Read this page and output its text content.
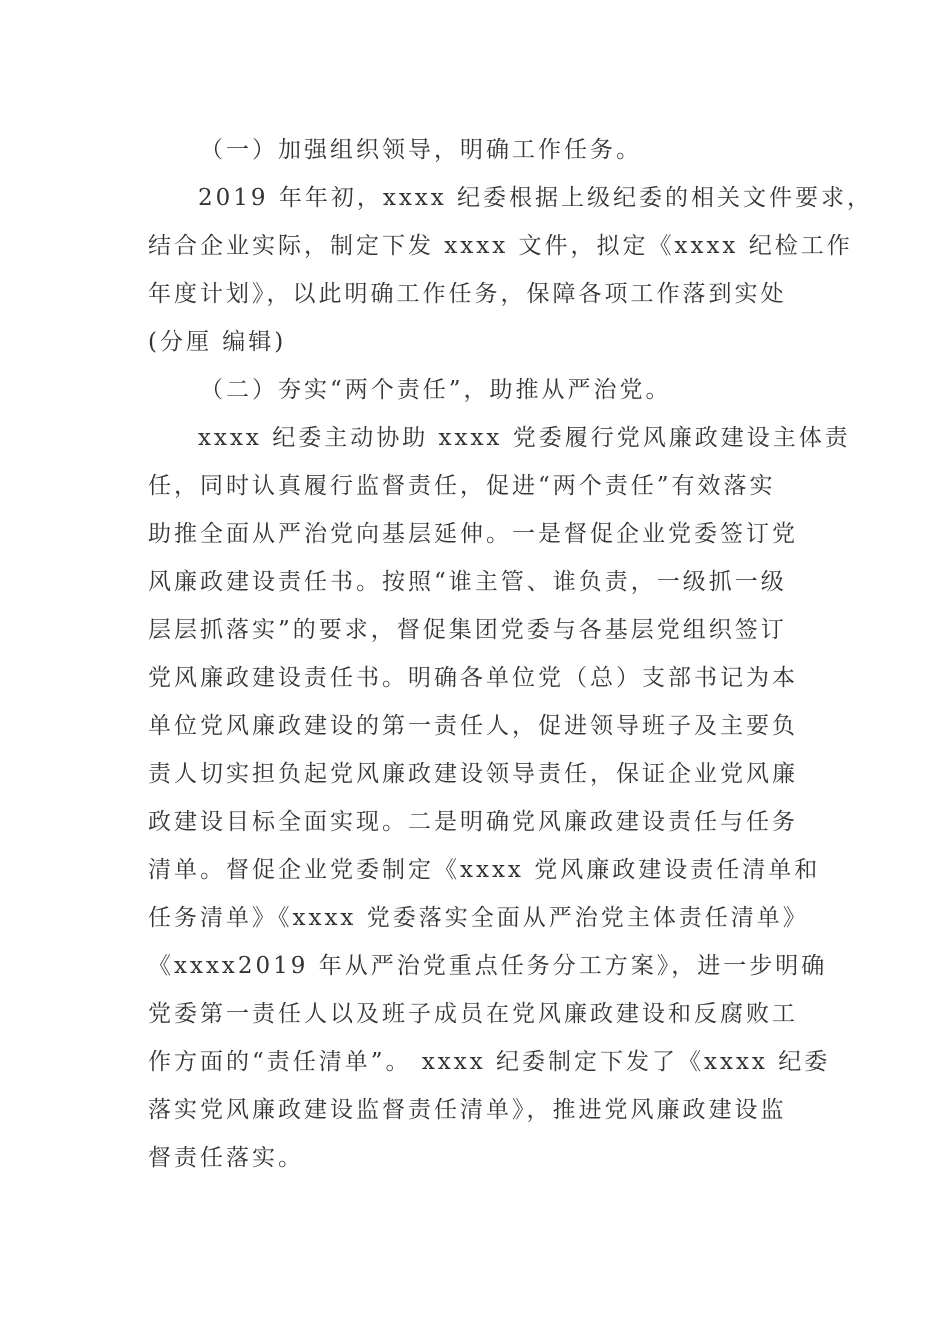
（一）加强组织领导，明确工作任务。
2019 年年初，xxxx 纪委根据上级纪委的相关文件要求，
结合企业实际，制定下发 xxxx 文件，拟定《xxxx 纪检工作
年度计划》，以此明确工作任务，保障各项工作落到实处
(分厘 编辑)
（二）夯实“两个责任”，助推从严治党。
xxxx 纪委主动协助 xxxx 党委履行党风廉政建设主体责
任，同时认真履行监督责任，促进“两个责任”有效落实
助推全面从严治党向基层延伸。一是督促企业党委签订党
风廉政建设责任书。按照“谁主管、谁负责，一级抓一级
层层抓落实”的要求，督促集团党委与各基层党组织签订
党风廉政建设责任书。明确各单位党（总）支部书记为本
单位党风廉政建设的第一责任人，促进领导班子及主要负
责人切实担负起党风廉政建设领导责任，保证企业党风廉
政建设目标全面实现。二是明确党风廉政建设责任与任务
清单。督促企业党委制定《xxxx 党风廉政建设责任清单和
任务清单》《xxxx 党委落实全面从严治党主体责任清单》
《xxxx2019 年从严治党重点任务分工方案》，进一步明确
党委第一责任人以及班子成员在党风廉政建设和反腐败工
作方面的“责任清单”。 xxxx 纪委制定下发了《xxxx 纪委
落实党风廉政建设监督责任清单》，推进党风廉政建设监
督责任落实。
